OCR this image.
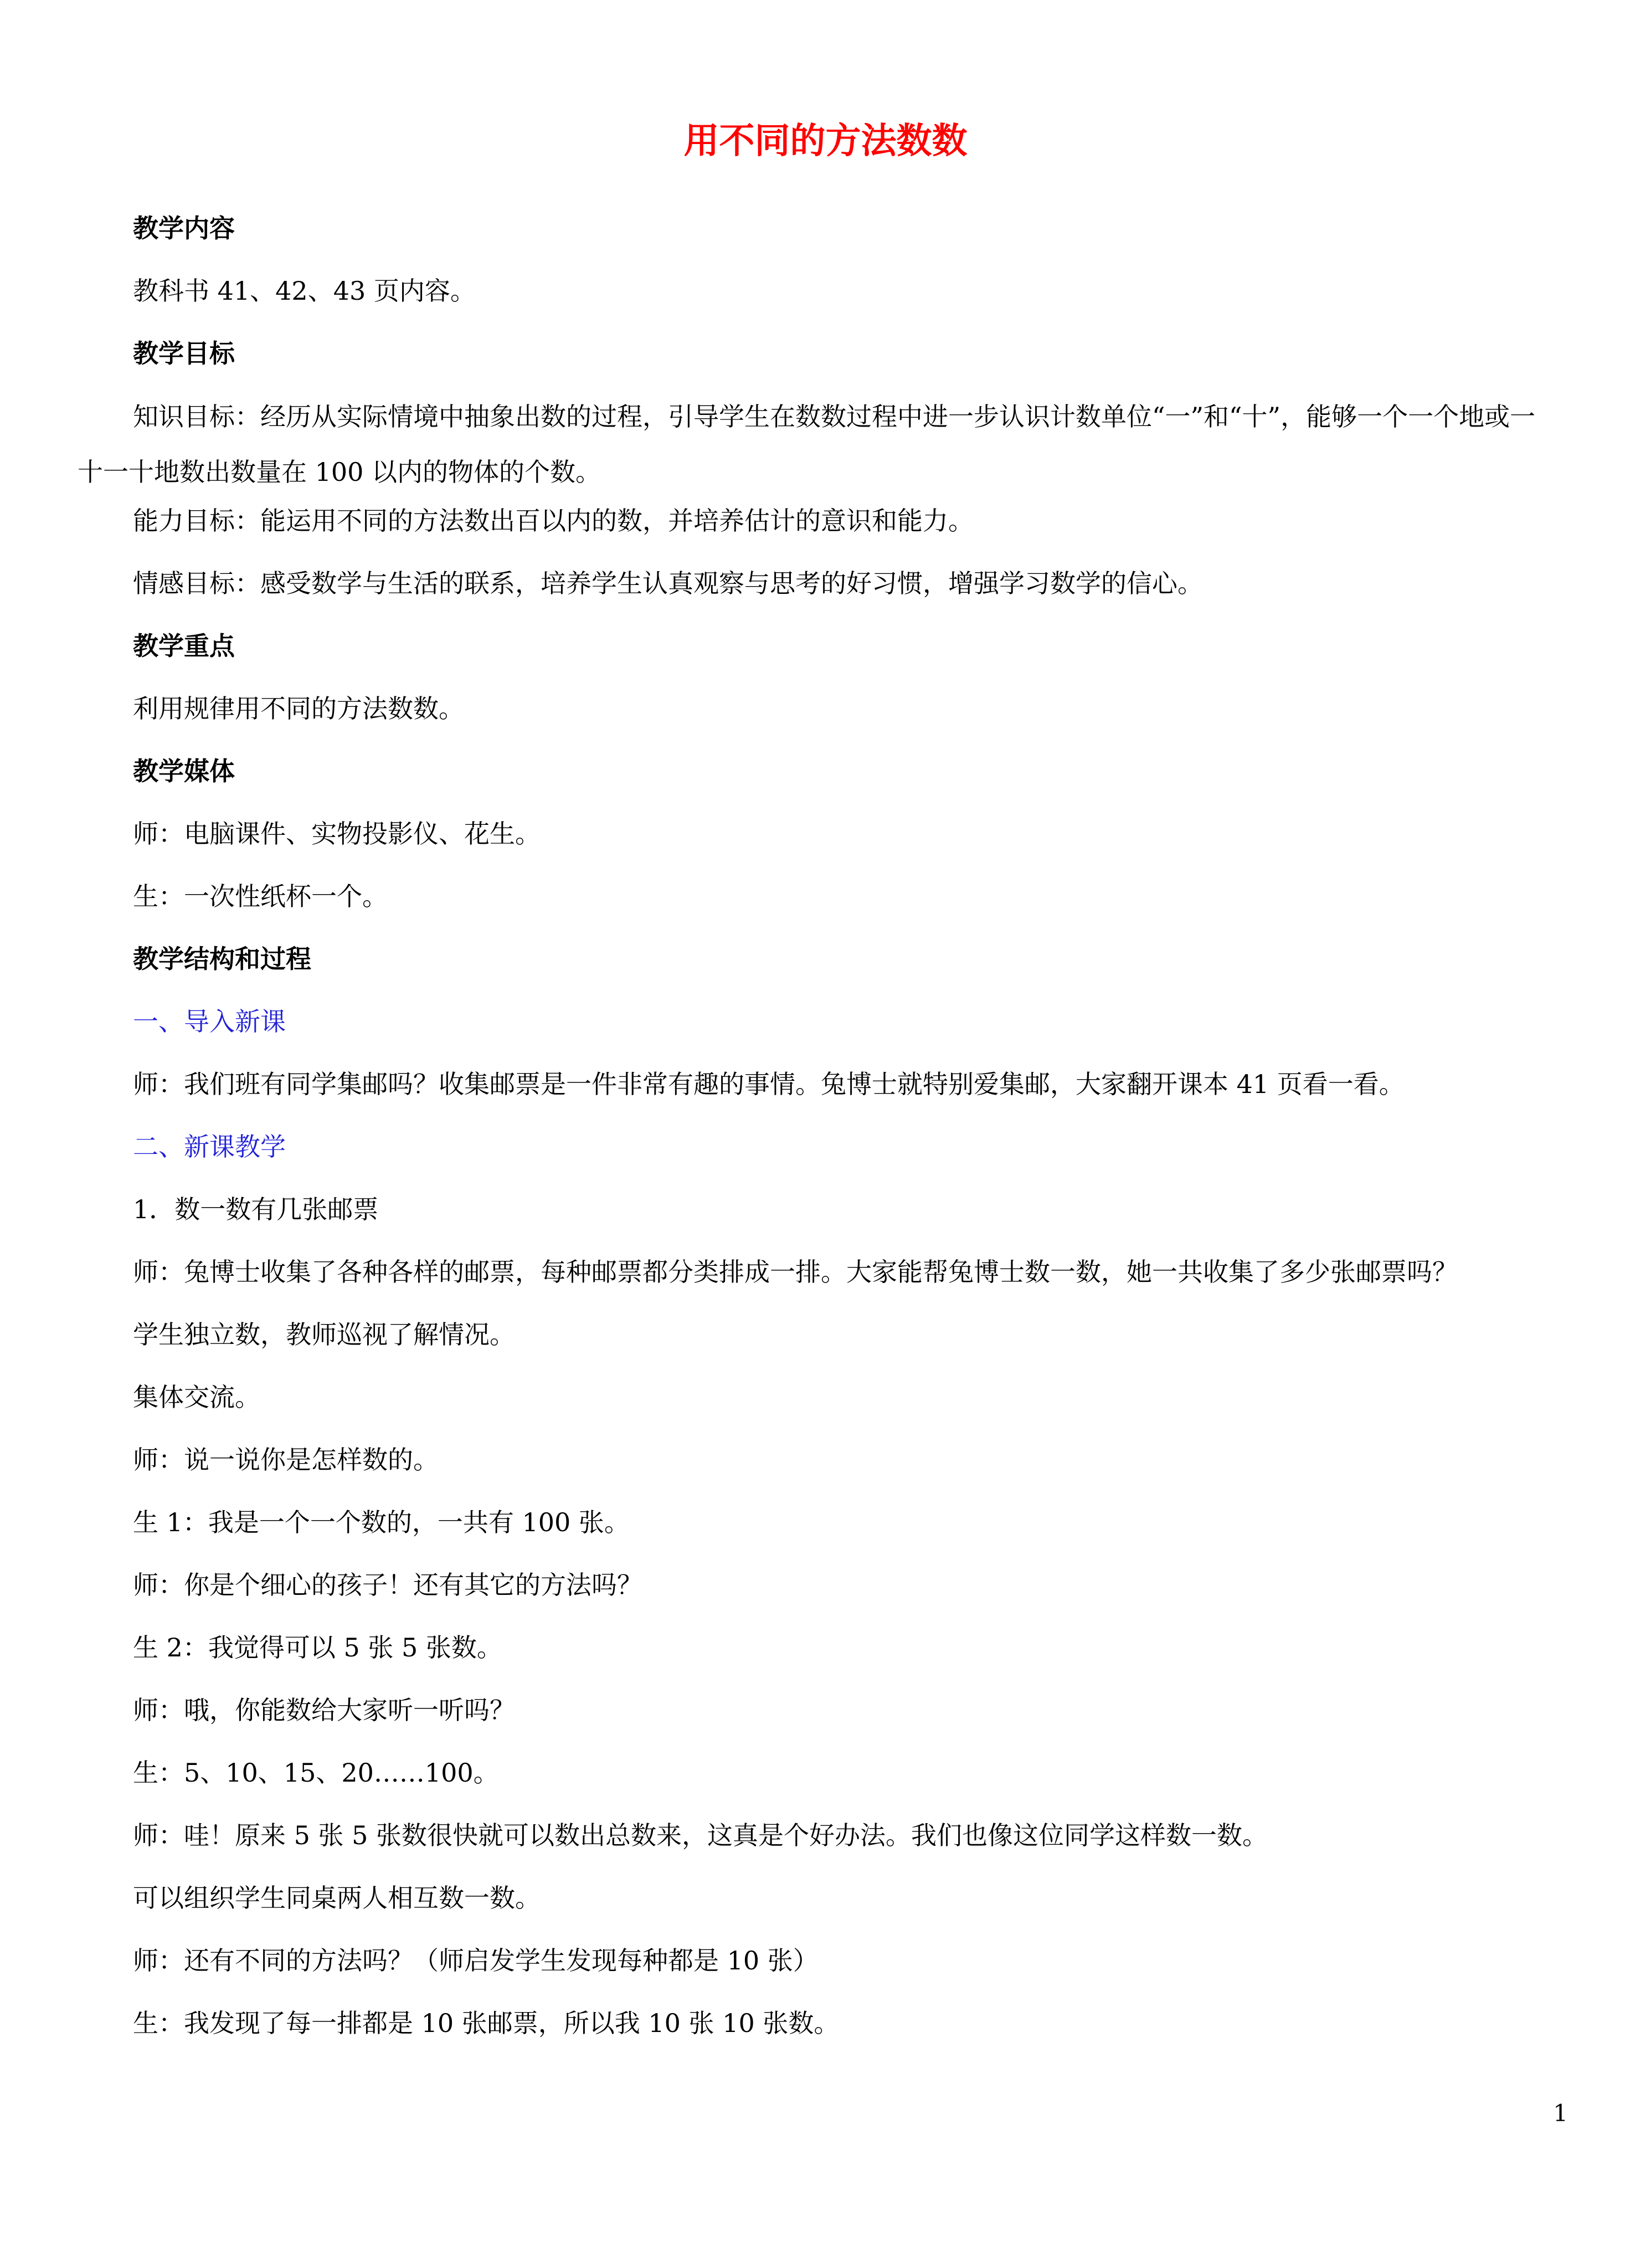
用不同的方法数数
教学内容
教科书 41、42、43 页内容。
教学目标
知识目标：经历从实际情境中抽象出数的过程，引导学生在数数过程中进一步认识计数单位“一”和“十”，能够一个一个地或一十一十地数出数量在 100 以内的物体的个数。
能力目标：能运用不同的方法数出百以内的数，并培养估计的意识和能力。
情感目标：感受数学与生活的联系，培养学生认真观察与思考的好习惯，增强学习数学的信心。
教学重点
利用规律用不同的方法数数。
教学媒体
师：电脑课件、实物投影仪、花生。
生：一次性纸杯一个。
教学结构和过程
一、导入新课
师：我们班有同学集邮吗？收集邮票是一件非常有趣的事情。兔博士就特别爱集邮，大家翻开课本 41 页看一看。
二、新课教学
1．数一数有几张邮票
师：兔博士收集了各种各样的邮票，每种邮票都分类排成一排。大家能帮兔博士数一数，她一共收集了多少张邮票吗？
学生独立数，教师巡视了解情况。
集体交流。
师：说一说你是怎样数的。
生 1：我是一个一个数的，一共有 100 张。
师：你是个细心的孩子！还有其它的方法吗？
生 2：我觉得可以 5 张 5 张数。
师：哦，你能数给大家听一听吗？
生：5、10、15、20……100。
师：哇！原来 5 张 5 张数很快就可以数出总数来，这真是个好办法。我们也像这位同学这样数一数。
可以组织学生同桌两人相互数一数。
师：还有不同的方法吗？（师启发学生发现每种都是 10 张）
生：我发现了每一排都是 10 张邮票，所以我 10 张 10 张数。
1
